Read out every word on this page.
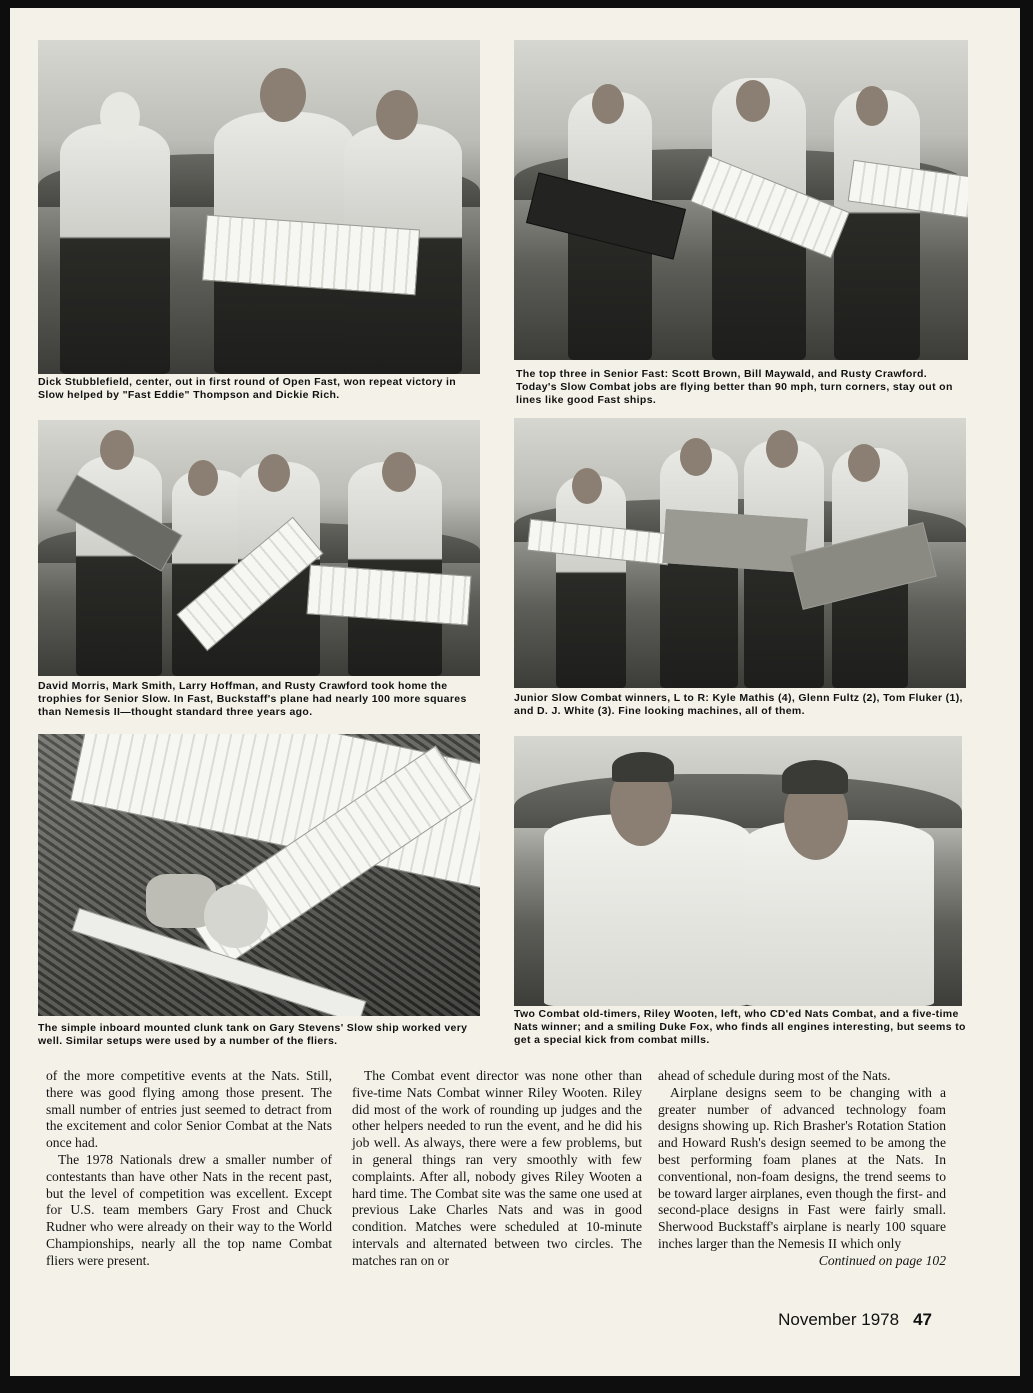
Dick Stubblefield, center, out in first round of Open Fast, won repeat victory in Slow helped by "Fast Eddie" Thompson and Dickie Rich.
The top three in Senior Fast: Scott Brown, Bill Maywald, and Rusty Crawford. Today's Slow Combat jobs are flying better than 90 mph, turn corners, stay out on lines like good Fast ships.
David Morris, Mark Smith, Larry Hoffman, and Rusty Crawford took home the trophies for Senior Slow. In Fast, Buckstaff's plane had nearly 100 more squares than Nemesis II—thought standard three years ago.
Junior Slow Combat winners, L to R: Kyle Mathis (4), Glenn Fultz (2), Tom Fluker (1), and D. J. White (3). Fine looking machines, all of them.
The simple inboard mounted clunk tank on Gary Stevens' Slow ship worked very well. Similar setups were used by a number of the fliers.
Two Combat old-timers, Riley Wooten, left, who CD'ed Nats Combat, and a five-time Nats winner; and a smiling Duke Fox, who finds all engines interesting, but seems to get a special kick from combat mills.

of the more competitive events at the Nats. Still, there was good flying among those present. The small number of entries just seemed to detract from the excitement and color Senior Combat at the Nats once had.

The 1978 Nationals drew a smaller number of contestants than have other Nats in the recent past, but the level of competition was excellent. Except for U.S. team members Gary Frost and Chuck Rudner who were already on their way to the World Championships, nearly all the top name Combat fliers were present.

The Combat event director was none other than five-time Nats Combat winner Riley Wooten. Riley did most of the work of rounding up judges and the other helpers needed to run the event, and he did his job well. As always, there were a few problems, but in general things ran very smoothly with few complaints. After all, nobody gives Riley Wooten a hard time. The Combat site was the same one used at previous Lake Charles Nats and was in good condition. Matches were scheduled at 10-minute intervals and alternated between two circles. The matches ran on or

ahead of schedule during most of the Nats.

Airplane designs seem to be changing with a greater number of advanced technology foam designs showing up. Rich Brasher's Rotation Station and Howard Rush's design seemed to be among the best performing foam planes at the Nats. In conventional, non-foam designs, the trend seems to be toward larger airplanes, even though the first- and second-place designs in Fast were fairly small. Sherwood Buckstaff's airplane is nearly 100 square inches larger than the Nemesis II which only

Continued on page 102

November 1978 47
